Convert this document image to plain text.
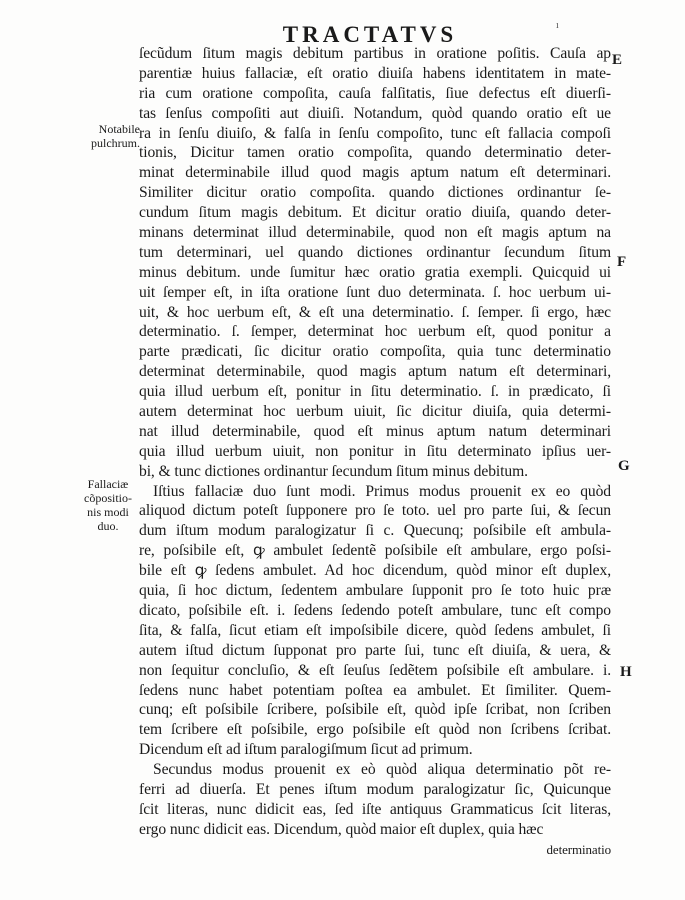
TRACTATVS	ı
Notabile
pulchrum.
Fallaciæ
cõpositio-
nis modi
duo.
E
F
G
H
ſecũdum ſitum magis debitum partibus in oratione poſitis. Cauſa ap
parentiæ huius fallaciæ, eſt oratio diuiſa habens identitatem in mate-
ria cum oratione compoſita, cauſa falſitatis, ſiue defectus eſt diuerſi-
tas ſenſus compoſiti aut diuiſi. Notandum, quòd quando oratio eſt ue
ra in ſenſu diuiſo, & falſa in ſenſu compoſito, tunc eſt fallacia compoſi
tionis, Dicitur tamen oratio compoſita, quando determinatio deter-
minat determinabile illud quod magis aptum natum eſt determinari.
Similiter dicitur oratio compoſita. quando dictiones ordinantur ſe-
cundum ſitum magis debitum. Et dicitur oratio diuiſa, quando deter-
minans determinat illud determinabile, quod non eſt magis aptum na
tum determinari, uel quando dictiones ordinantur ſecundum ſitum
minus debitum. unde ſumitur hæc oratio gratia exempli. Quicquid ui
uit ſemper eſt, in iſta oratione ſunt duo determinata. ſ. hoc uerbum ui-
uit, & hoc uerbum eſt, & eſt una determinatio. ſ. ſemper. ſi ergo, hæc
determinatio. ſ. ſemper, determinat hoc uerbum eſt, quod ponitur a
parte prædicati, ſic dicitur oratio compoſita, quia tunc determinatio
determinat determinabile, quod magis aptum natum eſt determinari,
quia illud uerbum eſt, ponitur in ſitu determinatio. ſ. in prædicato, ſi
autem determinat hoc uerbum uiuit, ſic dicitur diuiſa, quia determi-
nat illud determinabile, quod eſt minus aptum natum determinari
quia illud uerbum uiuit, non ponitur in ſitu determinato ipſius uer-
bi, & tunc dictiones ordinantur ſecundum ſitum minus debitum.
Iſtius fallaciæ duo ſunt modi. Primus modus prouenit ex eo quòd
aliquod dictum poteſt ſupponere pro ſe toto. uel pro parte ſui, & ſecun
dum iſtum modum paralogizatur ſi c. Quecunq; poſsibile eſt ambula-
re, poſsibile eſt, ꝙ ambulet ſedentẽ poſsibile eſt ambulare, ergo poſsi-
bile eſt ꝙ ſedens ambulet. Ad hoc dicendum, quòd minor eſt duplex,
quia, ſi hoc dictum, ſedentem ambulare ſupponit pro ſe toto huic præ
dicato, poſsibile eſt. i. ſedens ſedendo poteſt ambulare, tunc eſt compo
ſita, & falſa, ſicut etiam eſt impoſsibile dicere, quòd ſedens ambulet, ſi
autem iſtud dictum ſupponat pro parte ſui, tunc eſt diuiſa, & uera, &
non ſequitur concluſio, & eſt ſeuſus ſedẽtem poſsibile eſt ambulare. i.
ſedens nunc habet potentiam poſtea ea ambulet. Et ſimiliter. Quem-
cunq; eſt poſsibile ſcribere, poſsibile eſt, quòd ipſe ſcribat, non ſcriben
tem ſcribere eſt poſsibile, ergo poſsibile eſt quòd non ſcribens ſcribat.
Dicendum eſt ad iſtum paralogiſmum ſicut ad primum.
Secundus modus prouenit ex eò quòd aliqua determinatio põt re-
ferri ad diuerſa. Et penes iſtum modum paralogizatur ſic, Quicunque
ſcit literas, nunc didicit eas, ſed iſte antiquus Grammaticus ſcit literas,
ergo nunc didicit eas. Dicendum, quòd maior eſt duplex, quia hæc
determinatio
